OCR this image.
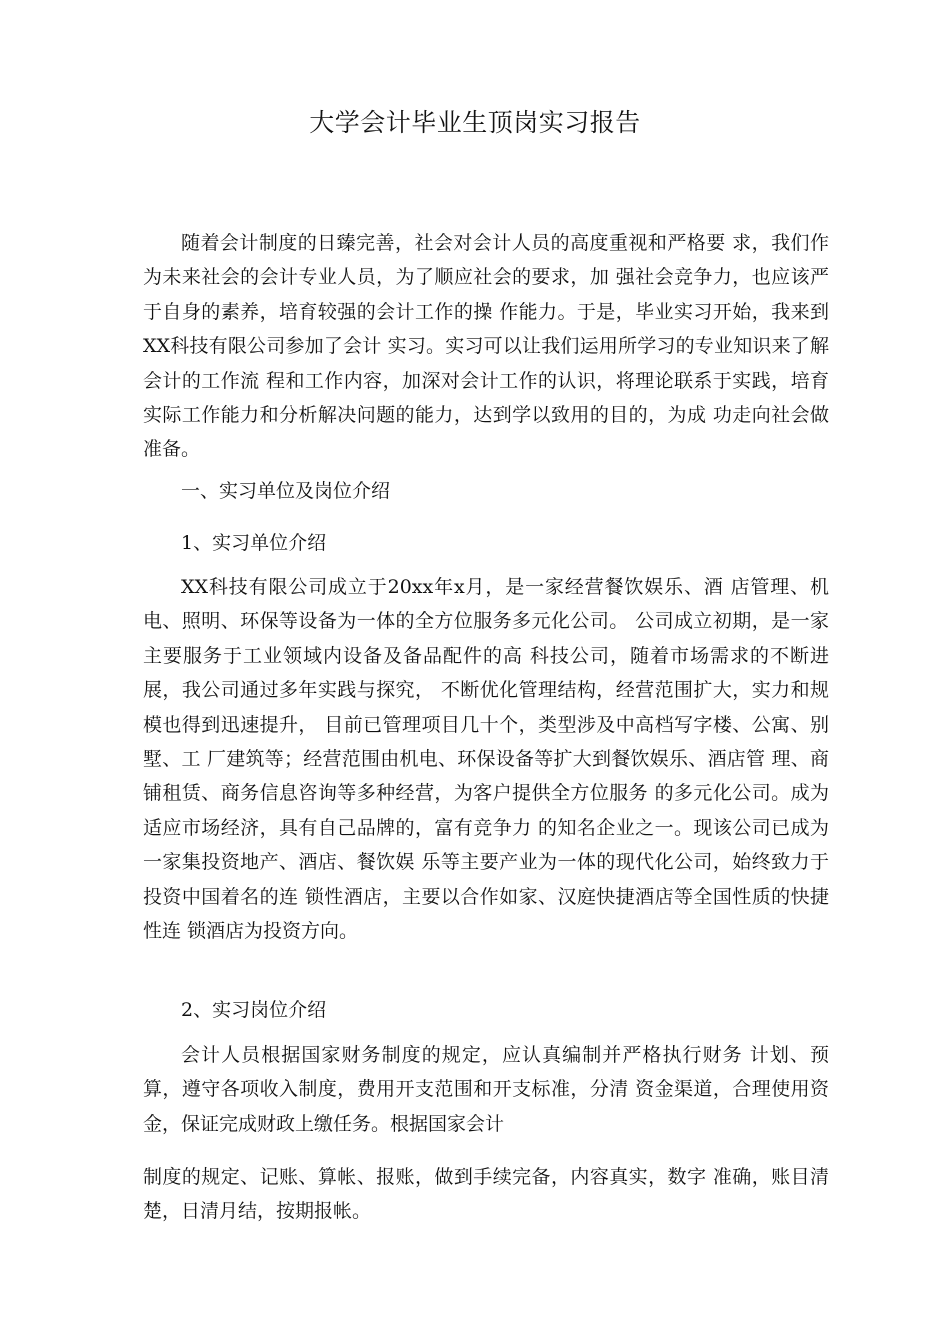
大学会计毕业生顶岗实习报告

随着会计制度的日臻完善，社会对会计人员的高度重视和严格要 求，我们作为未来社会的会计专业人员，为了顺应社会的要求，加 强社会竞争力，也应该严于自身的素养，培育较强的会计工作的操 作能力。于是，毕业实习开始，我来到XX科技有限公司参加了会计 实习。实习可以让我们运用所学习的专业知识来了解会计的工作流 程和工作内容，加深对会计工作的认识，将理论联系于实践，培育 实际工作能力和分析解决问题的能力，达到学以致用的目的，为成 功走向社会做准备。

一、实习单位及岗位介绍
1、实习单位介绍

XX科技有限公司成立于20xx年x月，是一家经营餐饮娱乐、酒 店管理、机电、照明、环保等设备为一体的全方位服务多元化公司。 公司成立初期，是一家主要服务于工业领域内设备及备品配件的高 科技公司，随着市场需求的不断进展，我公司通过多年实践与探究， 不断优化管理结构，经营范围扩大，实力和规模也得到迅速提升， 目前已管理项目几十个，类型涉及中高档写字楼、公寓、别墅、工 厂建筑等；经营范围由机电、环保设备等扩大到餐饮娱乐、酒店管 理、商铺租赁、商务信息咨询等多种经营，为客户提供全方位服务 的多元化公司。成为适应市场经济，具有自己品牌的，富有竞争力 的知名企业之一。现该公司已成为一家集投资地产、酒店、餐饮娱 乐等主要产业为一体的现代化公司，始终致力于投资中国着名的连 锁性酒店，主要以合作如家、汉庭快捷酒店等全国性质的快捷性连 锁酒店为投资方向。

2、实习岗位介绍

会计人员根据国家财务制度的规定，应认真编制并严格执行财务 计划、预算，遵守各项收入制度，费用开支范围和开支标准，分清 资金渠道，合理使用资金，保证完成财政上缴任务。根据国家会计

制度的规定、记账、算帐、报账，做到手续完备，内容真实，数字 准确，账目清楚，日清月结，按期报帐。
